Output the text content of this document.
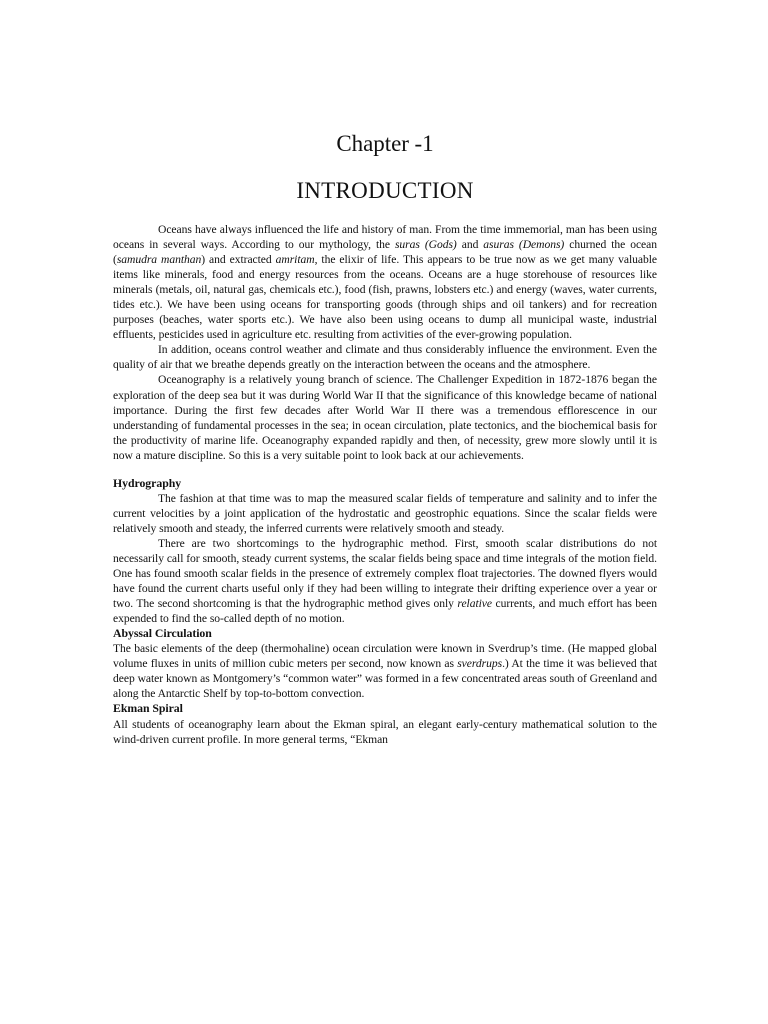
Chapter -1
INTRODUCTION

Oceans have always influenced the life and history of man. From the time immemorial, man has been using oceans in several ways. According to our mythology, the suras (Gods) and asuras (Demons) churned the ocean (samudra manthan) and extracted amritam, the elixir of life. This appears to be true now as we get many valuable items like minerals, food and energy resources from the oceans. Oceans are a huge storehouse of resources like minerals (metals, oil, natural gas, chemicals etc.), food (fish, prawns, lobsters etc.) and energy (waves, water currents, tides etc.). We have been using oceans for transporting goods (through ships and oil tankers) and for recreation purposes (beaches, water sports etc.). We have also been using oceans to dump all municipal waste, industrial effluents, pesticides used in agriculture etc. resulting from activities of the ever-growing population.

In addition, oceans control weather and climate and thus considerably influence the environment. Even the quality of air that we breathe depends greatly on the interaction between the oceans and the atmosphere.

Oceanography is a relatively young branch of science. The Challenger Expedition in 1872-1876 began the exploration of the deep sea but it was during World War II that the significance of this knowledge became of national importance. During the first few decades after World War II there was a tremendous efflorescence in our understanding of fundamental processes in the sea; in ocean circulation, plate tectonics, and the biochemical basis for the productivity of marine life. Oceanography expanded rapidly and then, of necessity, grew more slowly until it is now a mature discipline. So this is a very suitable point to look back at our achievements.

Hydrography

The fashion at that time was to map the measured scalar fields of temperature and salinity and to infer the current velocities by a joint application of the hydrostatic and geostrophic equations. Since the scalar fields were relatively smooth and steady, the inferred currents were relatively smooth and steady.

There are two shortcomings to the hydrographic method. First, smooth scalar distributions do not necessarily call for smooth, steady current systems, the scalar fields being space and time integrals of the motion field. One has found smooth scalar fields in the presence of extremely complex float trajectories. The downed flyers would have found the current charts useful only if they had been willing to integrate their drifting experience over a year or two. The second shortcoming is that the hydrographic method gives only relative currents, and much effort has been expended to find the so-called depth of no motion.

Abyssal Circulation

The basic elements of the deep (thermohaline) ocean circulation were known in Sverdrup’s time. (He mapped global volume fluxes in units of million cubic meters per second, now known as sverdrups.) At the time it was believed that deep water known as Montgomery’s “common water” was formed in a few concentrated areas south of Greenland and along the Antarctic Shelf by top-to-bottom convection.

Ekman Spiral

All students of oceanography learn about the Ekman spiral, an elegant early-century mathematical solution to the wind-driven current profile. In more general terms, “Ekman
